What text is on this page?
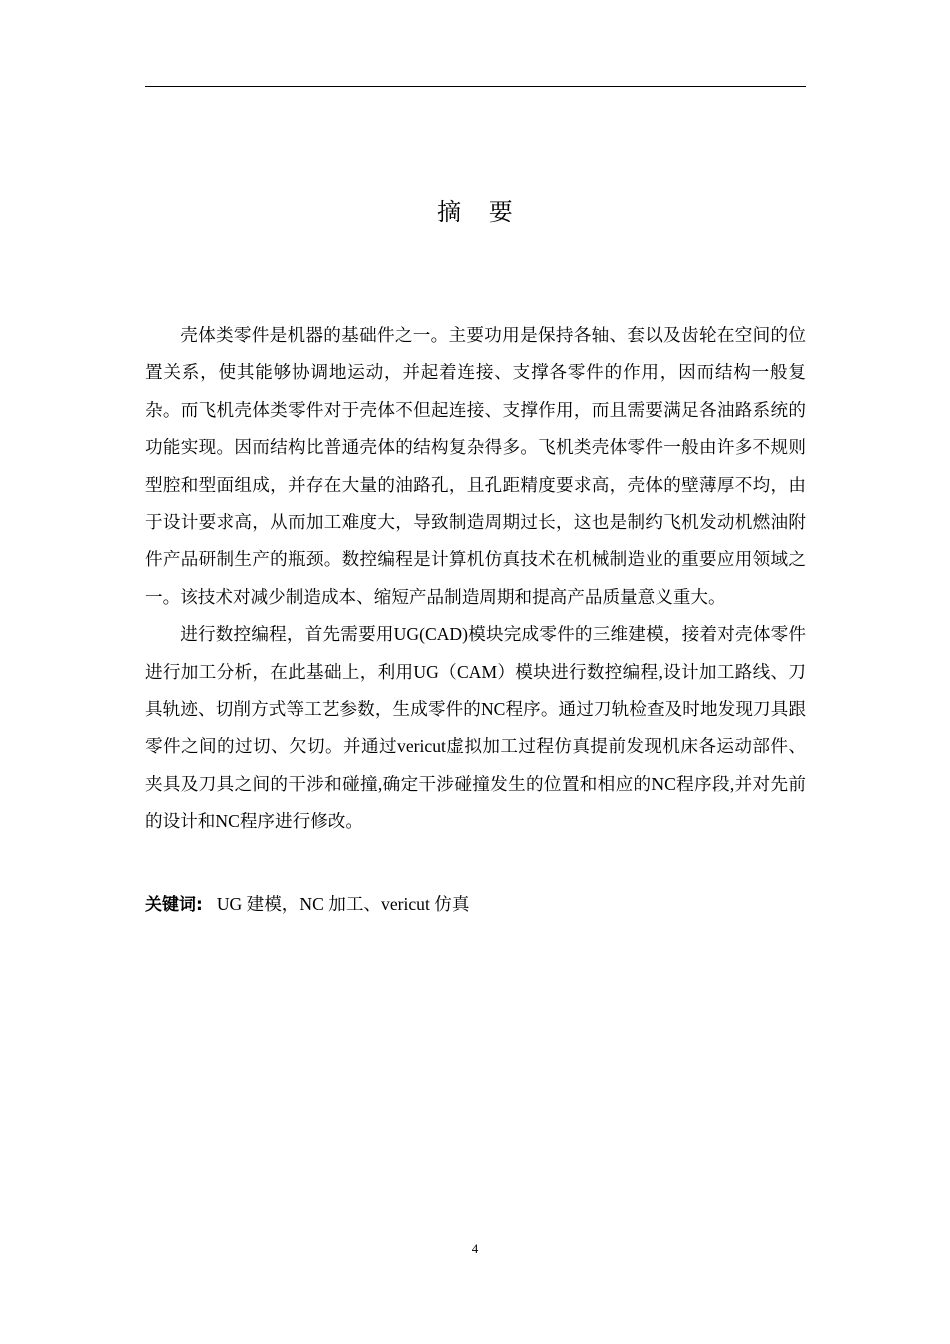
摘 要

壳体类零件是机器的基础件之一。主要功用是保持各轴、套以及齿轮在空间的位置关系，使其能够协调地运动，并起着连接、支撑各零件的作用，因而结构一般复杂。而飞机壳体类零件对于壳体不但起连接、支撑作用，而且需要满足各油路系统的功能实现。因而结构比普通壳体的结构复杂得多。飞机类壳体零件一般由许多不规则型腔和型面组成，并存在大量的油路孔，且孔距精度要求高，壳体的壁薄厚不均，由于设计要求高，从而加工难度大，导致制造周期过长，这也是制约飞机发动机燃油附件产品研制生产的瓶颈。数控编程是计算机仿真技术在机械制造业的重要应用领域之一。该技术对减少制造成本、缩短产品制造周期和提高产品质量意义重大。

进行数控编程，首先需要用UG(CAD)模块完成零件的三维建模，接着对壳体零件进行加工分析，在此基础上，利用UG（CAM）模块进行数控编程,设计加工路线、刀具轨迹、切削方式等工艺参数，生成零件的NC程序。通过刀轨检查及时地发现刀具跟零件之间的过切、欠切。并通过vericut虚拟加工过程仿真提前发现机床各运动部件、夹具及刀具之间的干涉和碰撞,确定干涉碰撞发生的位置和相应的NC程序段,并对先前的设计和NC程序进行修改。

关键词: UG 建模，NC 加工、vericut 仿真
4
